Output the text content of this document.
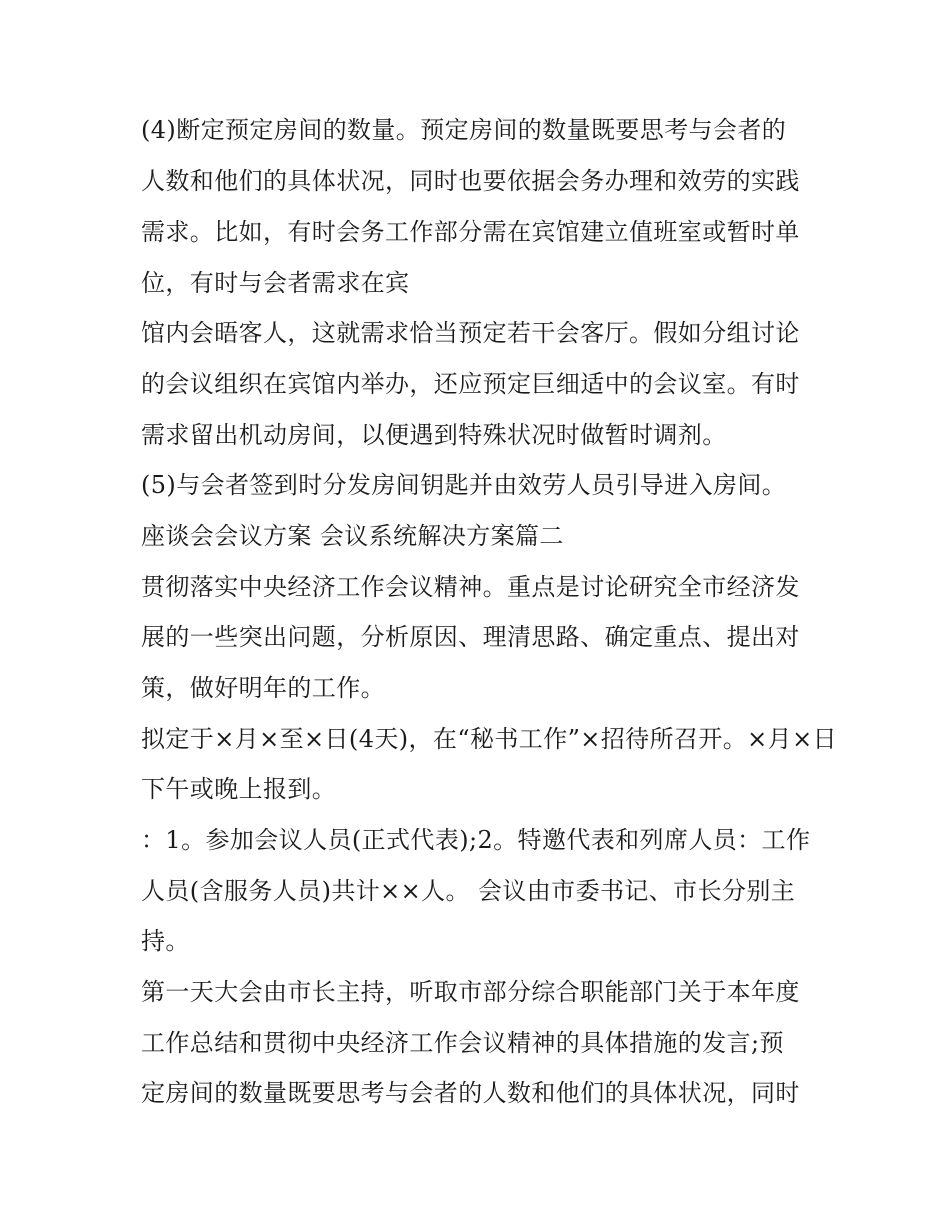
(4)断定预定房间的数量。预定房间的数量既要思考与会者的
人数和他们的具体状况，同时也要依据会务办理和效劳的实践
需求。比如，有时会务工作部分需在宾馆建立值班室或暂时单
位，有时与会者需求在宾
馆内会晤客人，这就需求恰当预定若干会客厅。假如分组讨论
的会议组织在宾馆内举办，还应预定巨细适中的会议室。有时
需求留出机动房间，以便遇到特殊状况时做暂时调剂。
(5)与会者签到时分发房间钥匙并由效劳人员引导进入房间。
座谈会会议方案 会议系统解决方案篇二
贯彻落实中央经济工作会议精神。重点是讨论研究全市经济发
展的一些突出问题，分析原因、理清思路、确定重点、提出对
策，做好明年的工作。
拟定于×月×至×日(4天)，在“秘书工作”×招待所召开。×月×日
下午或晚上报到。
：1。参加会议人员(正式代表);2。特邀代表和列席人员：工作
人员(含服务人员)共计××人。 会议由市委书记、市长分别主
持。
第一天大会由市长主持，听取市部分综合职能部门关于本年度
工作总结和贯彻中央经济工作会议精神的具体措施的发言;预
定房间的数量既要思考与会者的人数和他们的具体状况，同时
